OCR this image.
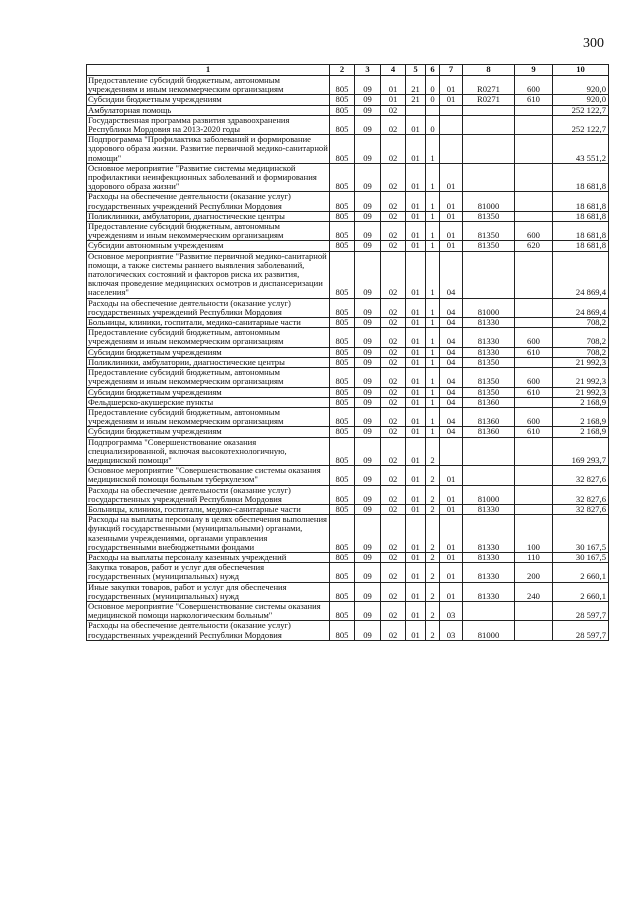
300
1	2	3	4	5	6	7	8	9	10
Предоставление субсидий бюджетным, автономным учреждениям и иным некоммерческим организациям	805	09	01	21	0	01	R0271	600	920,0
Субсидии бюджетным учреждениям	805	09	01	21	0	01	R0271	610	920,0
Амбулаторная помощь	805	09	02						252 122,7
Государственная программа развития здравоохранения Республики Мордовия на 2013-2020 годы	805	09	02	01	0				252 122,7
Подпрограмма "Профилактика заболеваний и формирование здорового образа жизни. Развитие первичной медико-санитарной помощи"	805	09	02	01	1				43 551,2
Основное мероприятие "Развитие системы медицинской профилактики неинфекционных заболеваний и формирования здорового образа жизни"	805	09	02	01	1	01			18 681,8
Расходы на обеспечение деятельности (оказание услуг) государственных учреждений Республики Мордовия	805	09	02	01	1	01	81000		18 681,8
Поликлиники, амбулатории, диагностические центры	805	09	02	01	1	01	81350		18 681,8
Предоставление субсидий бюджетным, автономным учреждениям и иным некоммерческим организациям	805	09	02	01	1	01	81350	600	18 681,8
Субсидии автономным учреждениям	805	09	02	01	1	01	81350	620	18 681,8
Основное мероприятие "Развитие первичной медико-санитарной помощи, а также системы раннего выявления заболеваний, патологических состояний и факторов риска их развития, включая проведение медицинских осмотров и диспансеризации населения"	805	09	02	01	1	04			24 869,4
Расходы на обеспечение деятельности (оказание услуг) государственных учреждений Республики Мордовия	805	09	02	01	1	04	81000		24 869,4
Больницы, клиники, госпитали, медико-санитарные части	805	09	02	01	1	04	81330		708,2
Предоставление субсидий бюджетным, автономным учреждениям и иным некоммерческим организациям	805	09	02	01	1	04	81330	600	708,2
Субсидии бюджетным учреждениям	805	09	02	01	1	04	81330	610	708,2
Поликлиники, амбулатории, диагностические центры	805	09	02	01	1	04	81350		21 992,3
Предоставление субсидий бюджетным, автономным учреждениям и иным некоммерческим организациям	805	09	02	01	1	04	81350	600	21 992,3
Субсидии бюджетным учреждениям	805	09	02	01	1	04	81350	610	21 992,3
Фельдшерско-акушерские пункты	805	09	02	01	1	04	81360		2 168,9
Предоставление субсидий бюджетным, автономным учреждениям и иным некоммерческим организациям	805	09	02	01	1	04	81360	600	2 168,9
Субсидии бюджетным учреждениям	805	09	02	01	1	04	81360	610	2 168,9
Подпрограмма "Совершенствование оказания специализированной, включая высокотехнологичную, медицинской помощи"	805	09	02	01	2				169 293,7
Основное мероприятие "Совершенствование системы оказания медицинской помощи больным туберкулезом"	805	09	02	01	2	01			32 827,6
Расходы на обеспечение деятельности (оказание услуг) государственных учреждений Республики Мордовия	805	09	02	01	2	01	81000		32 827,6
Больницы, клиники, госпитали, медико-санитарные части	805	09	02	01	2	01	81330		32 827,6
Расходы на выплаты персоналу в целях обеспечения выполнения функций государственными (муниципальными) органами, казенными учреждениями, органами управления государственными внебюджетными фондами	805	09	02	01	2	01	81330	100	30 167,5
Расходы на выплаты персоналу казенных учреждений	805	09	02	01	2	01	81330	110	30 167,5
Закупка товаров, работ и услуг для обеспечения государственных (муниципальных) нужд	805	09	02	01	2	01	81330	200	2 660,1
Иные закупки товаров, работ и услуг для обеспечения государственных (муниципальных) нужд	805	09	02	01	2	01	81330	240	2 660,1
Основное мероприятие "Совершенствование системы оказания медицинской помощи наркологическим больным"	805	09	02	01	2	03			28 597,7
Расходы на обеспечение деятельности (оказание услуг) государственных учреждений Республики Мордовия	805	09	02	01	2	03	81000		28 597,7
